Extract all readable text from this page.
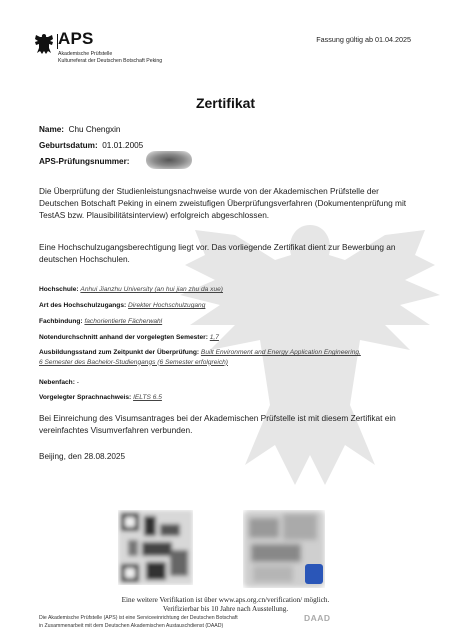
APS
Akademische Prüfstelle
Kulturreferat der Deutschen Botschaft Peking
Fassung gültig ab 01.04.2025
Zertifikat
Name: Chu Chengxin
Geburtsdatum: 01.01.2005
APS-Prüfungsnummer:
Die Überprüfung der Studienleistungsnachweise wurde von der Akademischen Prüfstelle der Deutschen Botschaft Peking in einem zweistufigen Überprüfungsverfahren (Dokumentenprüfung mit TestAS bzw. Plausibilitätsinterview) erfolgreich abgeschlossen.
Eine Hochschulzugangsberechtigung liegt vor. Das vorliegende Zertifikat dient zur Bewerbung an deutschen Hochschulen.
Hochschule: Anhui Jianzhu University (an hui jian zhu da xue)
Art des Hochschulzugangs: Direkter Hochschulzugang
Fachbindung: fachorientierte Fächerwahl
Notendurchschnitt anhand der vorgelegten Semester: 1,7
Ausbildungsstand zum Zeitpunkt der Überprüfung: Built Environment and Energy Application Engineering,
6 Semester des Bachelor-Studiengangs (6 Semester erfolgreich)
Nebenfach: -
Vorgelegter Sprachnachweis: IELTS 6.5
Bei Einreichung des Visumsantrages bei der Akademischen Prüfstelle ist mit diesem Zertifikat ein vereinfachtes Visumverfahren verbunden.
Beijing, den 28.08.2025
Eine weitere Verifikation ist über www.aps.org.cn/verification/ möglich.
Verifizierbar bis 10 Jahre nach Ausstellung.
Die Akademische Prüfstelle (APS) ist eine Serviceeinrichtung der Deutschen Botschaft
in Zusammenarbeit mit dem Deutschen Akademischen Austauschdienst (DAAD)
DAAD
